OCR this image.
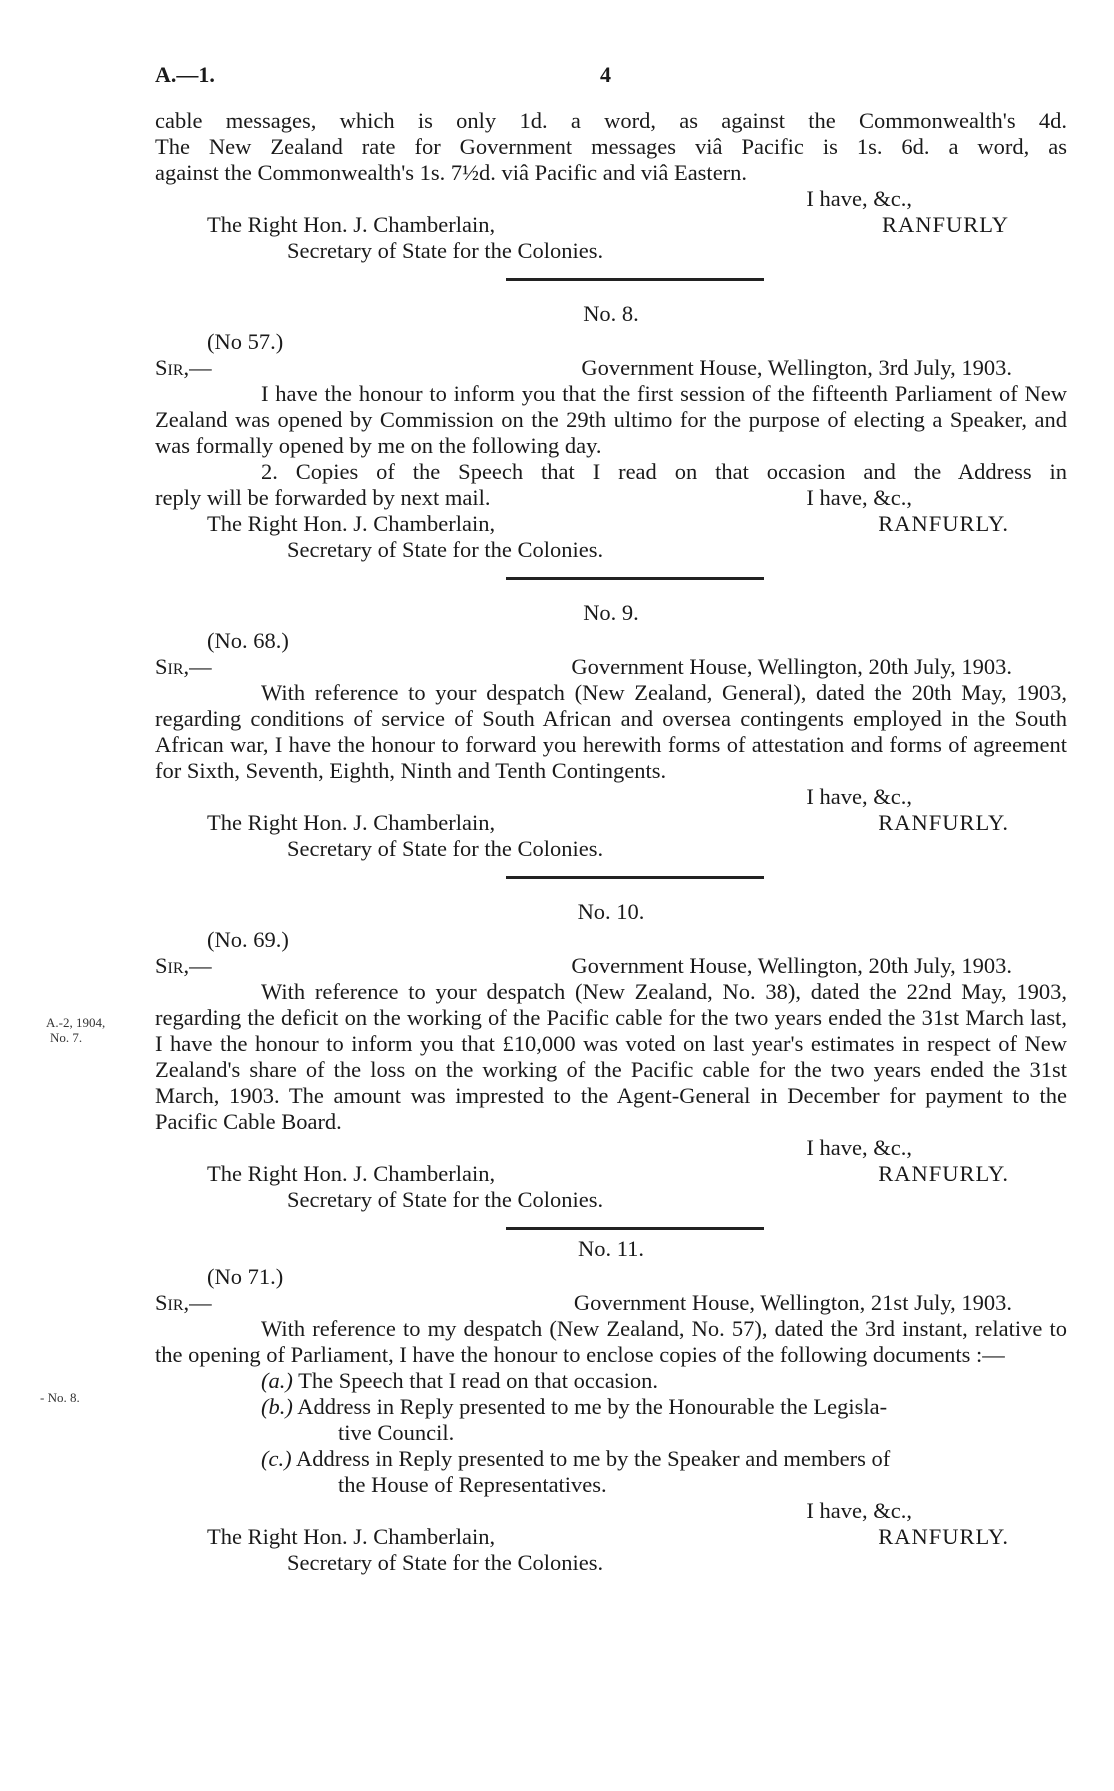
A.—1.	4
A.-2, 1904,
No. 7.
- No. 8.

cable messages, which is only 1d. a word, as against the Commonwealth's 4d.

The New Zealand rate for Government messages viâ Pacific is 1s. 6d. a word, as

against the Commonwealth's 1s. 7½d. viâ Pacific and viâ Eastern.

I have, &c.,

The Right Hon. J. Chamberlain,	RANFURLY

Secretary of State for the Colonies.

No. 8.

(No 57.)

Sir,—	Government House, Wellington, 3rd July, 1903.

I have the honour to inform you that the first session of the fifteenth Parliament of New Zealand was opened by Commission on the 29th ultimo for the purpose of electing a Speaker, and was formally opened by me on the following day.

2. Copies of the Speech that I read on that occasion and the Address in

reply will be forwarded by next mail.	I have, &c.,
The Right Hon. J. Chamberlain,	RANFURLY.

Secretary of State for the Colonies.

No. 9.

(No. 68.)

Sir,—	Government House, Wellington, 20th July, 1903.

With reference to your despatch (New Zealand, General), dated the 20th May, 1903, regarding conditions of service of South African and oversea contingents employed in the South African war, I have the honour to forward you herewith forms of attestation and forms of agreement for Sixth, Seventh, Eighth, Ninth and Tenth Contingents.

I have, &c.,

The Right Hon. J. Chamberlain,	RANFURLY.

Secretary of State for the Colonies.

No. 10.

(No. 69.)

Sir,—	Government House, Wellington, 20th July, 1903.

With reference to your despatch (New Zealand, No. 38), dated the 22nd May, 1903, regarding the deficit on the working of the Pacific cable for the two years ended the 31st March last, I have the honour to inform you that £10,000 was voted on last year's estimates in respect of New Zealand's share of the loss on the working of the Pacific cable for the two years ended the 31st March, 1903. The amount was imprested to the Agent-General in December for payment to the Pacific Cable Board.

I have, &c.,

The Right Hon. J. Chamberlain,	RANFURLY.

Secretary of State for the Colonies.

No. 11.

(No 71.)

Sir,—	Government House, Wellington, 21st July, 1903.

With reference to my despatch (New Zealand, No. 57), dated the 3rd instant, relative to the opening of Parliament, I have the honour to enclose copies of the following documents :—

(a.) The Speech that I read on that occasion.
(b.) Address in Reply presented to me by the Honourable the Legisla-

tive Council.

(c.) Address in Reply presented to me by the Speaker and members of

the House of Representatives.

I have, &c.,

The Right Hon. J. Chamberlain,	RANFURLY.

Secretary of State for the Colonies.
